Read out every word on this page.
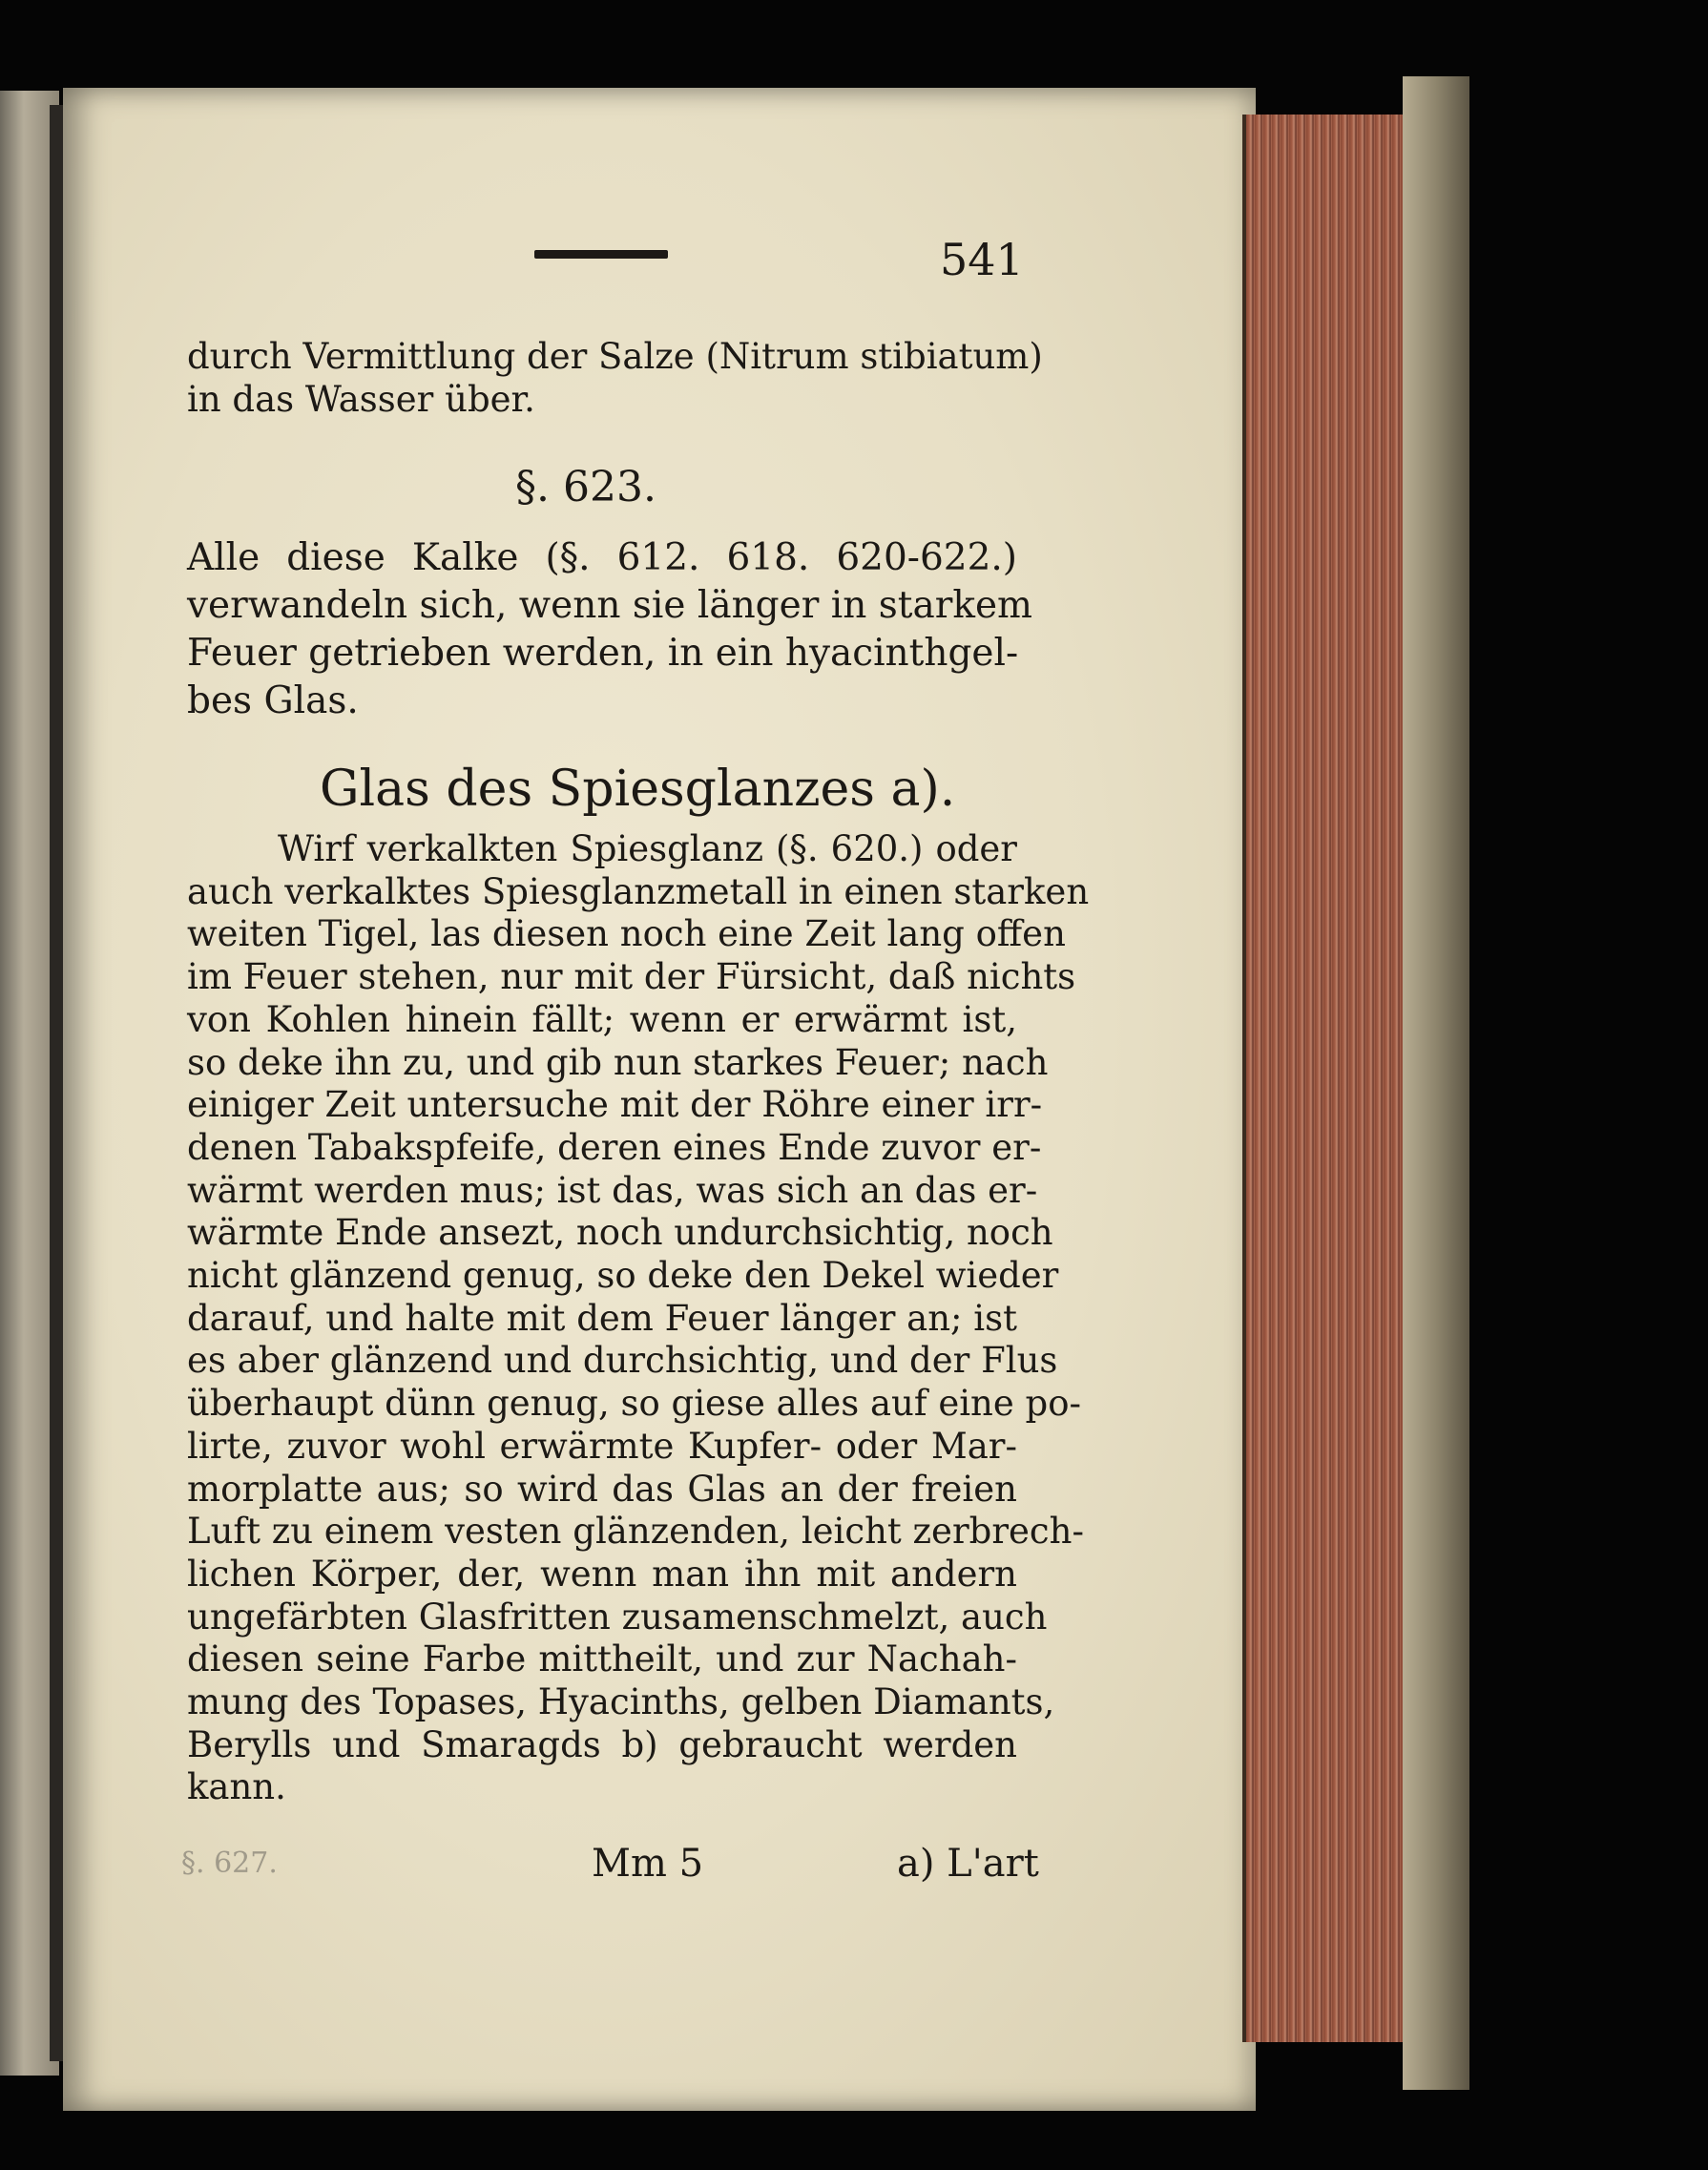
541
durch Vermittlung der Salze (Nitrum stibiatum)
in das Wasser über.
§. 623.
Alle diese Kalke (§. 612. 618. 620-622.)
verwandeln sich, wenn sie länger in starkem
Feuer getrieben werden, in ein hyacinthgel-
bes Glas.
Glas des Spiesglanzes a).
Wirf verkalkten Spiesglanz (§. 620.) oder
auch verkalktes Spiesglanzmetall in einen starken
weiten Tigel, las diesen noch eine Zeit lang offen
im Feuer stehen, nur mit der Fürsicht, daß nichts
von Kohlen hinein fällt; wenn er erwärmt ist,
so deke ihn zu, und gib nun starkes Feuer; nach
einiger Zeit untersuche mit der Röhre einer irr-
denen Tabakspfeife, deren eines Ende zuvor er-
wärmt werden mus; ist das, was sich an das er-
wärmte Ende ansezt, noch undurchsichtig, noch
nicht glänzend genug, so deke den Dekel wieder
darauf, und halte mit dem Feuer länger an; ist
es aber glänzend und durchsichtig, und der Flus
überhaupt dünn genug, so giese alles auf eine po-
lirte, zuvor wohl erwärmte Kupfer- oder Mar-
morplatte aus; so wird das Glas an der freien
Luft zu einem vesten glänzenden, leicht zerbrech-
lichen Körper, der, wenn man ihn mit andern
ungefärbten Glasfritten zusamenschmelzt, auch
diesen seine Farbe mittheilt, und zur Nachah-
mung des Topases, Hyacinths, gelben Diamants,
Berylls und Smaragds b) gebraucht werden
kann.
§. 627.	Mm 5	a) L'art
